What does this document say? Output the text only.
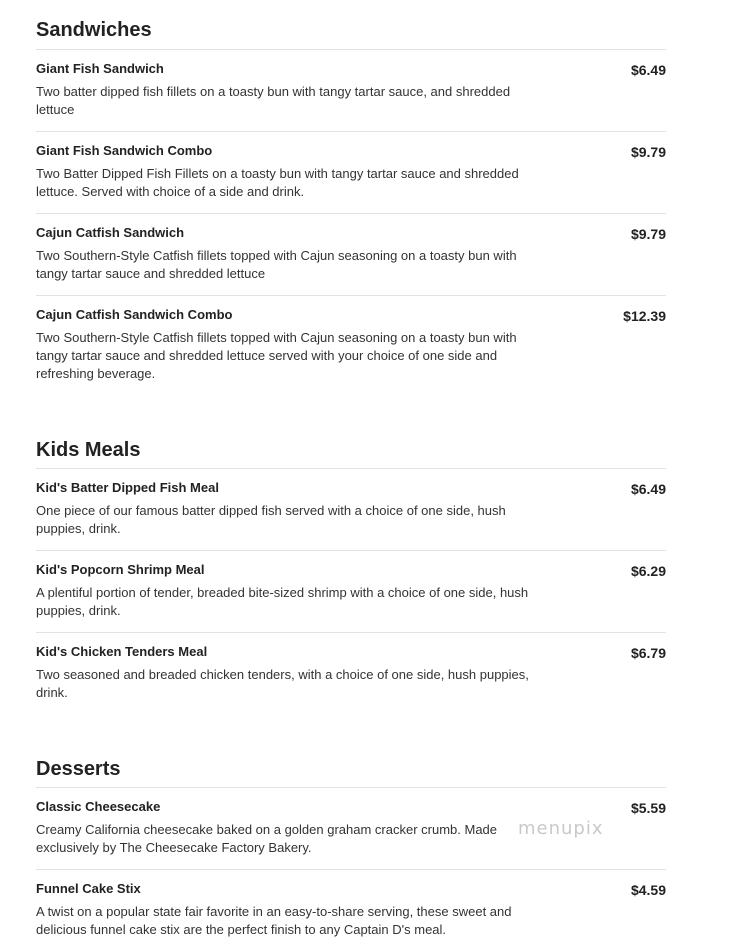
Sandwiches
Giant Fish Sandwich
Two batter dipped fish fillets on a toasty bun with tangy tartar sauce, and shredded lettuce
$6.49
Giant Fish Sandwich Combo
Two Batter Dipped Fish Fillets on a toasty bun with tangy tartar sauce and shredded lettuce. Served with choice of a side and drink.
$9.79
Cajun Catfish Sandwich
Two Southern-Style Catfish fillets topped with Cajun seasoning on a toasty bun with tangy tartar sauce and shredded lettuce
$9.79
Cajun Catfish Sandwich Combo
Two Southern-Style Catfish fillets topped with Cajun seasoning on a toasty bun with tangy tartar sauce and shredded lettuce served with your choice of one side and refreshing beverage.
$12.39
Kids Meals
Kid's Batter Dipped Fish Meal
One piece of our famous batter dipped fish served with a choice of one side, hush puppies, drink.
$6.49
Kid's Popcorn Shrimp Meal
A plentiful portion of tender, breaded bite-sized shrimp with a choice of one side, hush puppies, drink.
$6.29
Kid's Chicken Tenders Meal
Two seasoned and breaded chicken tenders, with a choice of one side, hush puppies, drink.
$6.79
Desserts
Classic Cheesecake
Creamy California cheesecake baked on a golden graham cracker crumb. Made exclusively by The Cheesecake Factory Bakery.
$5.59
Funnel Cake Stix
A twist on a popular state fair favorite in an easy-to-share serving, these sweet and delicious funnel cake stix are the perfect finish to any Captain D's meal.
$4.59
menupix
